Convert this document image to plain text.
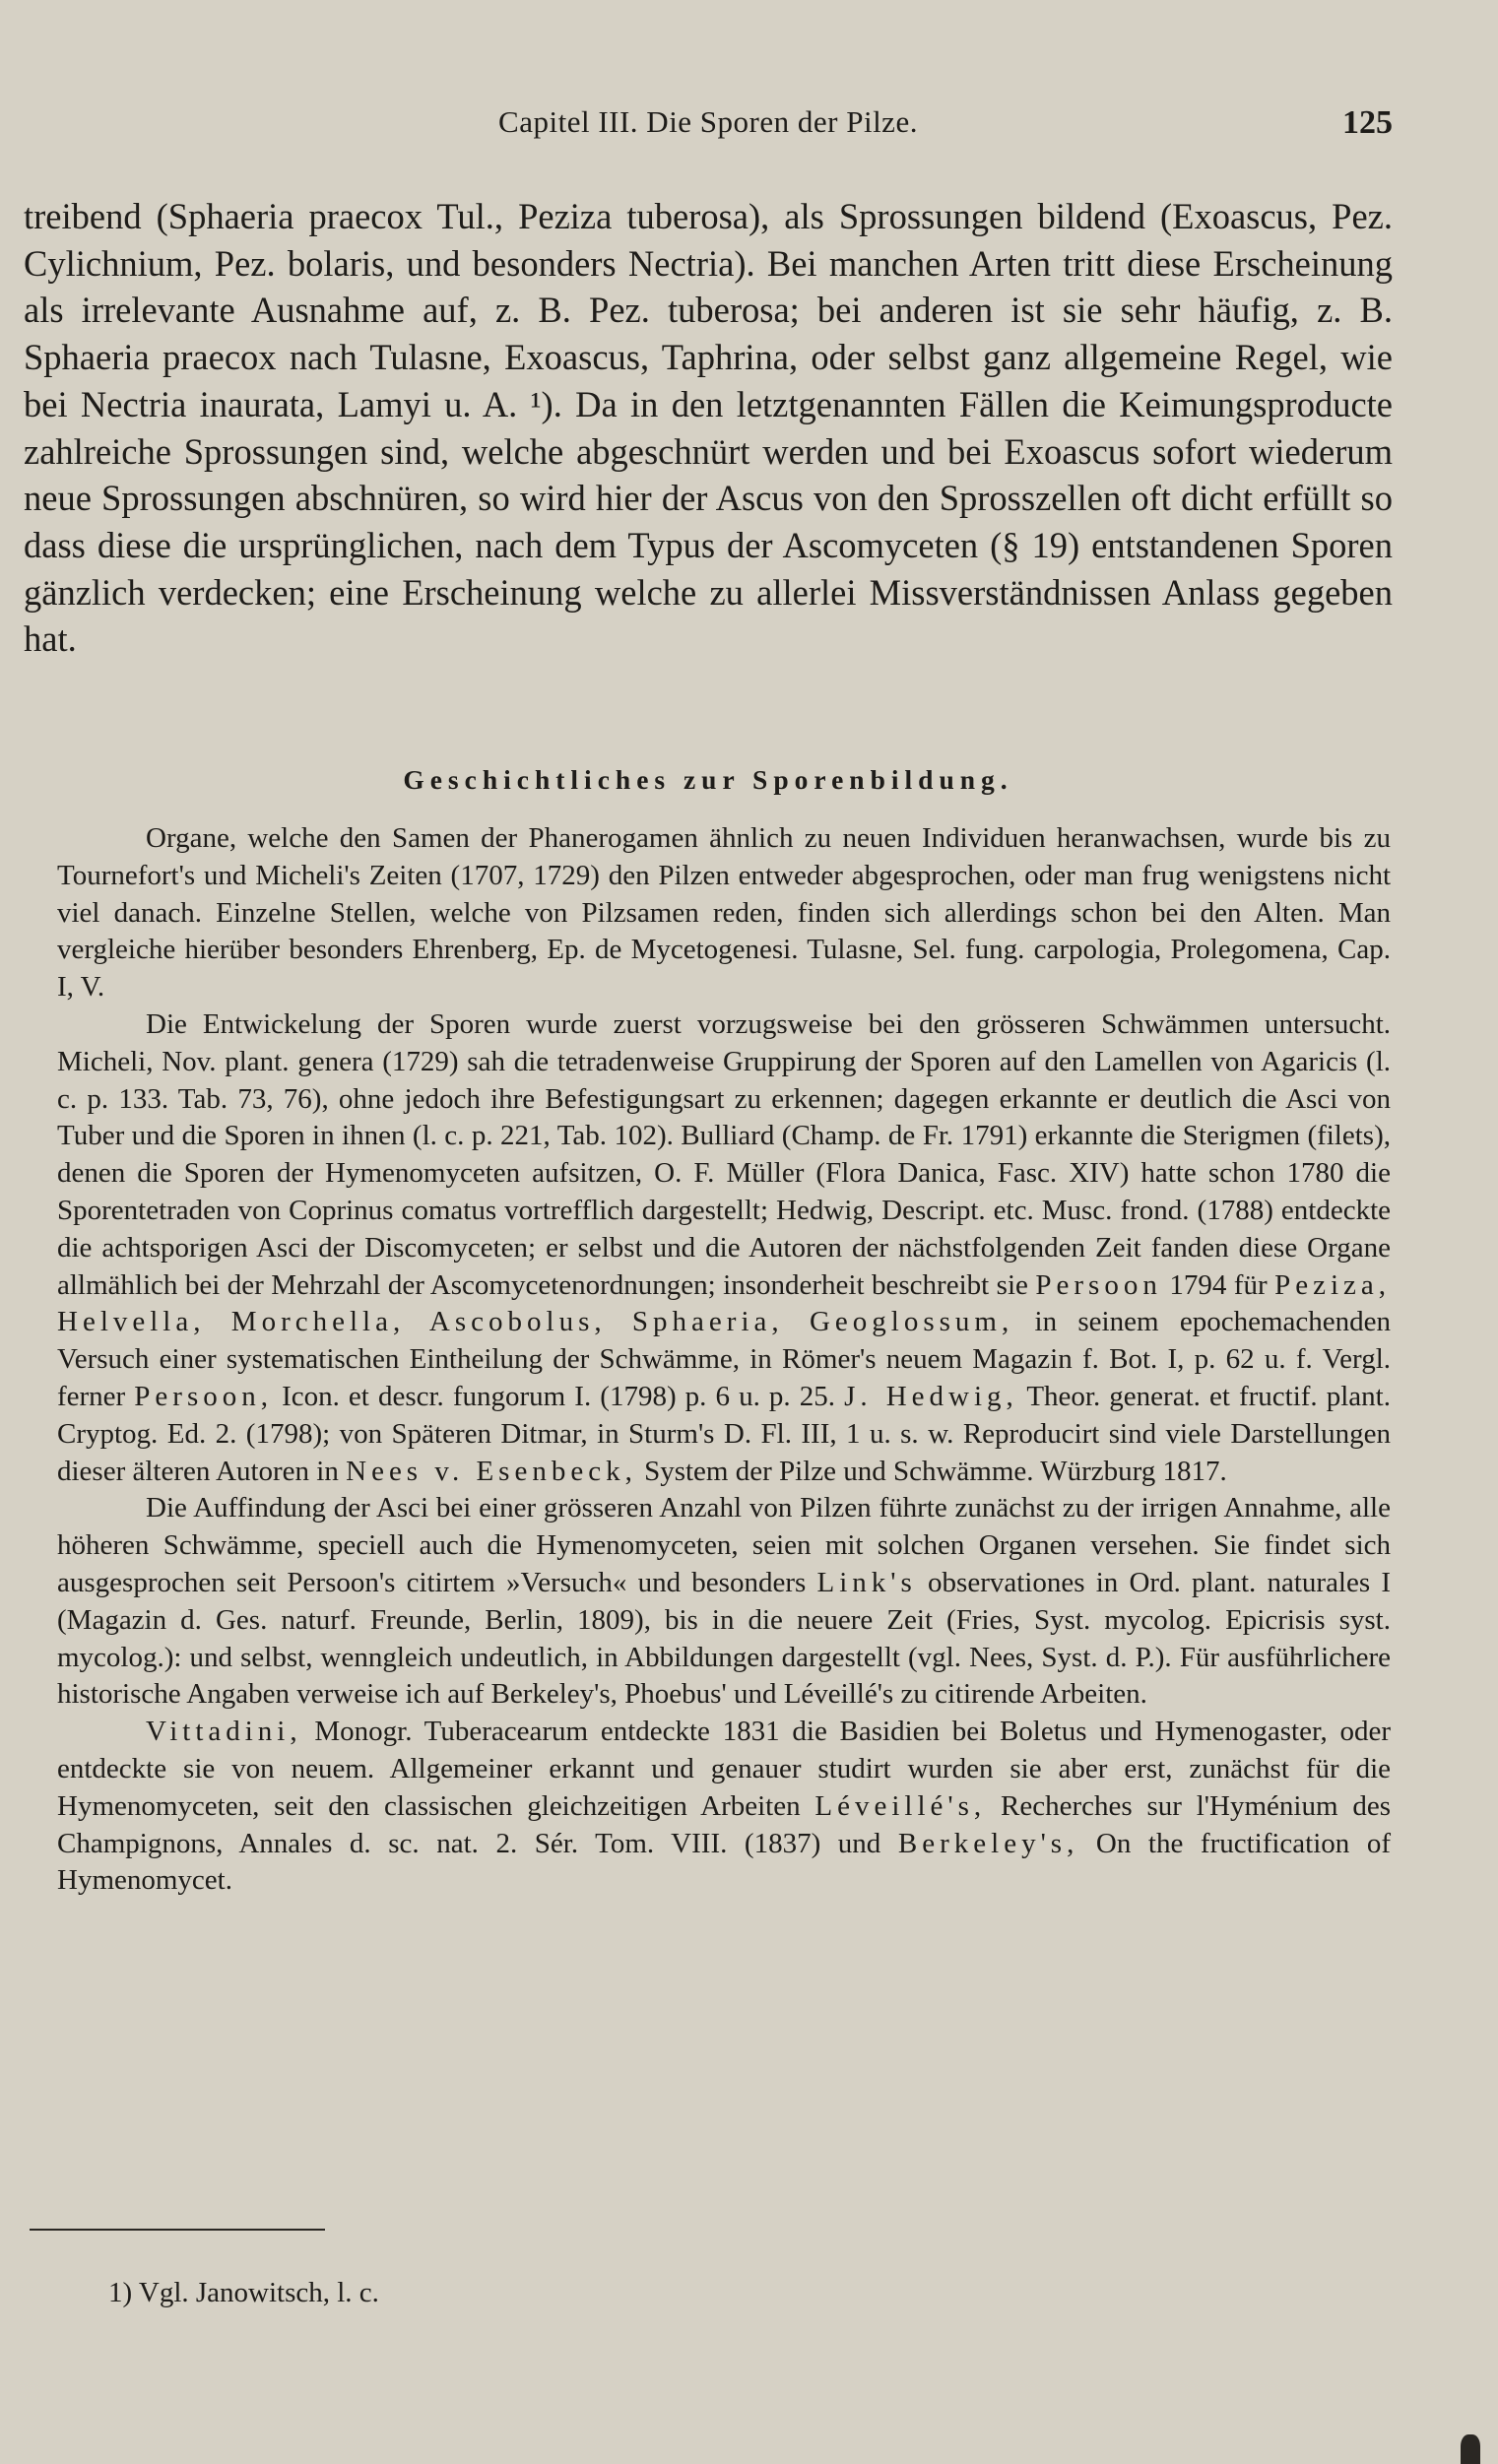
Capitel III. Die Sporen der Pilze.	125

treibend (Sphaeria praecox Tul., Peziza tuberosa), als Sprossungen bildend (Exoascus, Pez. Cylichnium, Pez. bolaris, und besonders Nectria). Bei manchen Arten tritt diese Erscheinung als irrelevante Ausnahme auf, z. B. Pez. tuberosa; bei anderen ist sie sehr häufig, z. B. Sphaeria praecox nach Tulasne, Exoascus, Taphrina, oder selbst ganz allgemeine Regel, wie bei Nectria inaurata, Lamyi u. A. ¹). Da in den letztgenannten Fällen die Keimungsproducte zahlreiche Sprossungen sind, welche abgeschnürt werden und bei Exoascus sofort wiederum neue Sprossungen abschnüren, so wird hier der Ascus von den Sprosszellen oft dicht erfüllt so dass diese die ursprünglichen, nach dem Typus der Ascomyceten (§ 19) entstandenen Sporen gänzlich verdecken; eine Erscheinung welche zu allerlei Missverständnissen Anlass gegeben hat.

Geschichtliches zur Sporenbildung.

Organe, welche den Samen der Phanerogamen ähnlich zu neuen Individuen heranwachsen, wurde bis zu Tournefort's und Micheli's Zeiten (1707, 1729) den Pilzen entweder abgesprochen, oder man frug wenigstens nicht viel danach. Einzelne Stellen, welche von Pilzsamen reden, finden sich allerdings schon bei den Alten. Man vergleiche hierüber besonders Ehrenberg, Ep. de Mycetogenesi. Tulasne, Sel. fung. carpologia, Prolegomena, Cap. I, V.

Die Entwickelung der Sporen wurde zuerst vorzugsweise bei den grösseren Schwämmen untersucht. Micheli, Nov. plant. genera (1729) sah die tetradenweise Gruppirung der Sporen auf den Lamellen von Agaricis (l. c. p. 133. Tab. 73, 76), ohne jedoch ihre Befestigungsart zu erkennen; dagegen erkannte er deutlich die Asci von Tuber und die Sporen in ihnen (l. c. p. 221, Tab. 102). Bulliard (Champ. de Fr. 1791) erkannte die Sterigmen (filets), denen die Sporen der Hymenomyceten aufsitzen, O. F. Müller (Flora Danica, Fasc. XIV) hatte schon 1780 die Sporentetraden von Coprinus comatus vortrefflich dargestellt; Hedwig, Descript. etc. Musc. frond. (1788) entdeckte die achtsporigen Asci der Discomyceten; er selbst und die Autoren der nächstfolgenden Zeit fanden diese Organe allmählich bei der Mehrzahl der Ascomycetenordnungen; insonderheit beschreibt sie Persoon 1794 für Peziza, Helvella, Morchella, Ascobolus, Sphaeria, Geoglossum, in seinem epochemachenden Versuch einer systematischen Eintheilung der Schwämme, in Römer's neuem Magazin f. Bot. I, p. 62 u. f. Vergl. ferner Persoon, Icon. et descr. fungorum I. (1798) p. 6 u. p. 25. J. Hedwig, Theor. generat. et fructif. plant. Cryptog. Ed. 2. (1798); von Späteren Ditmar, in Sturm's D. Fl. III, 1 u. s. w. Reproducirt sind viele Darstellungen dieser älteren Autoren in Nees v. Esenbeck, System der Pilze und Schwämme. Würzburg 1817.

Die Auffindung der Asci bei einer grösseren Anzahl von Pilzen führte zunächst zu der irrigen Annahme, alle höheren Schwämme, speciell auch die Hymenomyceten, seien mit solchen Organen versehen. Sie findet sich ausgesprochen seit Persoon's citirtem »Versuch« und besonders Link's observationes in Ord. plant. naturales I (Magazin d. Ges. naturf. Freunde, Berlin, 1809), bis in die neuere Zeit (Fries, Syst. mycolog. Epicrisis syst. mycolog.): und selbst, wenngleich undeutlich, in Abbildungen dargestellt (vgl. Nees, Syst. d. P.). Für ausführlichere historische Angaben verweise ich auf Berkeley's, Phoebus' und Léveillé's zu citirende Arbeiten.

Vittadini, Monogr. Tuberacearum entdeckte 1831 die Basidien bei Boletus und Hymenogaster, oder entdeckte sie von neuem. Allgemeiner erkannt und genauer studirt wurden sie aber erst, zunächst für die Hymenomyceten, seit den classischen gleichzeitigen Arbeiten Léveillé's, Recherches sur l'Hyménium des Champignons, Annales d. sc. nat. 2. Sér. Tom. VIII. (1837) und Berkeley's, On the fructification of Hymenomycet.

1) Vgl. Janowitsch, l. c.
